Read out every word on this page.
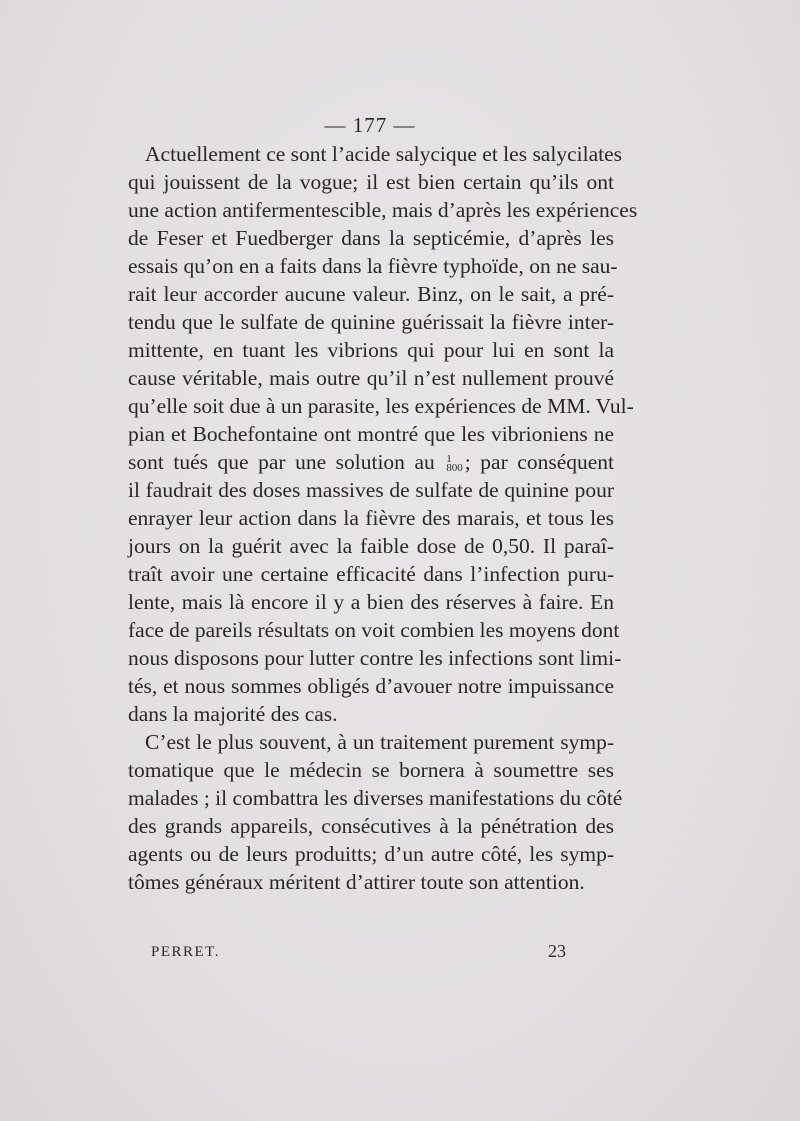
— 177 —
Actuellement ce sont l’acide salycique et les salycilates
qui jouissent de la vogue; il est bien certain qu’ils ont
une action antifermentescible, mais d’après les expériences
de Feser et Fuedberger dans la septicémie, d’après les
essais qu’on en a faits dans la fièvre typhoïde, on ne sau-
rait leur accorder aucune valeur. Binz, on le sait, a pré-
tendu que le sulfate de quinine guérissait la fièvre inter-
mittente, en tuant les vibrions qui pour lui en sont la
cause véritable, mais outre qu’il n’est nullement prouvé
qu’elle soit due à un parasite, les expériences de MM. Vul-
pian et Bochefontaine ont montré que les vibrioniens ne
sont tués que par une solution au 1
800 ; par conséquent
il faudrait des doses massives de sulfate de quinine pour
enrayer leur action dans la fièvre des marais, et tous les
jours on la guérit avec la faible dose de 0,50. Il paraî-
traît avoir une certaine efficacité dans l’infection puru-
lente, mais là encore il y a bien des réserves à faire. En
face de pareils résultats on voit combien les moyens dont
nous disposons pour lutter contre les infections sont limi-
tés, et nous sommes obligés d’avouer notre impuissance
dans la majorité des cas.
C’est le plus souvent, à un traitement purement symp-
tomatique que le médecin se bornera à soumettre ses
malades ; il combattra les diverses manifestations du côté
des grands appareils, consécutives à la pénétration des
agents ou de leurs produitts; d’un autre côté, les symp-
tômes généraux méritent d’attirer toute son attention.
PERRET.	23
